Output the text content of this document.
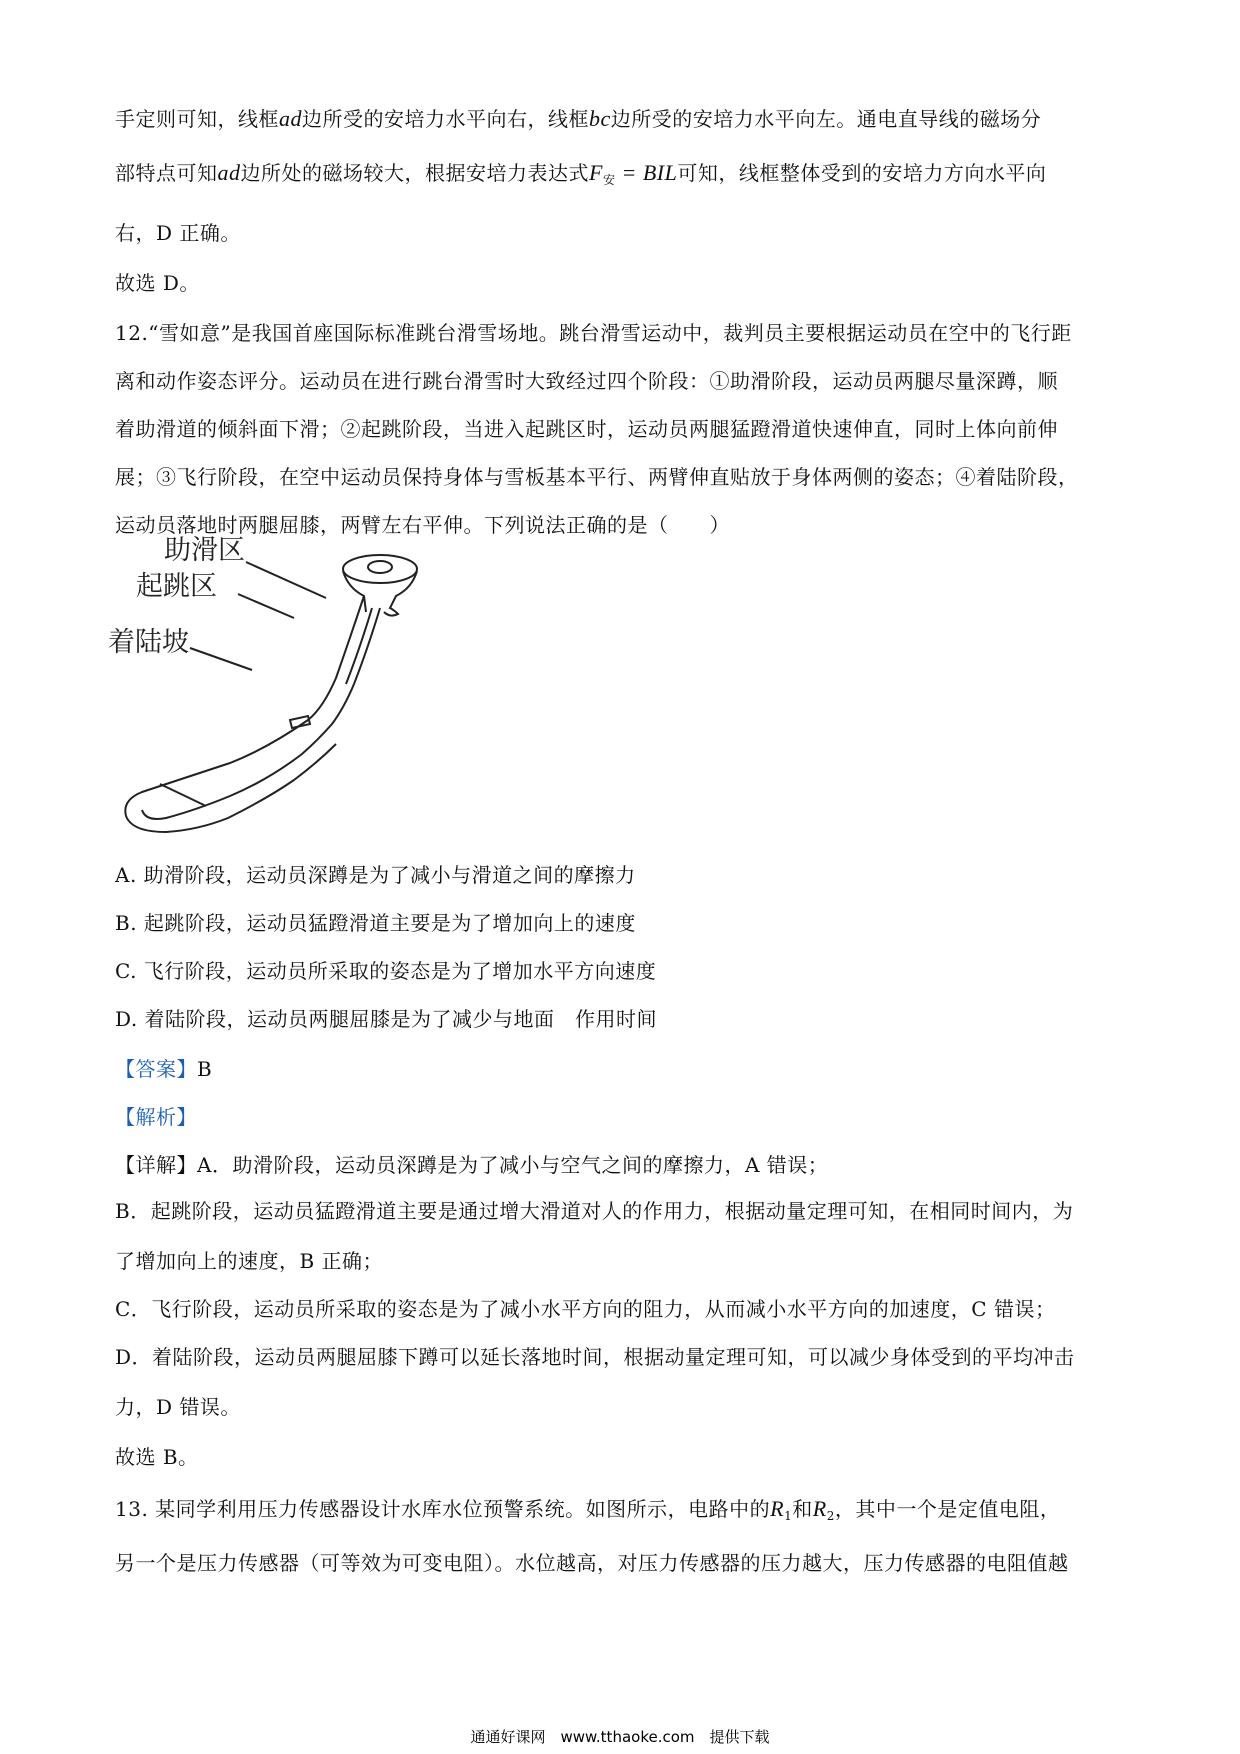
手定则可知，线框ad边所受的安培力水平向右，线框bc边所受的安培力水平向左。通电直导线的磁场分
部特点可知ad边所处的磁场较大，根据安培力表达式$F_安$ = BIL可知，线框整体受到的安培力方向水平向
右，D 正确。
故选 D。
12.“雪如意”是我国首座国际标准跳台滑雪场地。跳台滑雪运动中，裁判员主要根据运动员在空中的飞行距
离和动作姿态评分。运动员在进行跳台滑雪时大致经过四个阶段：①助滑阶段，运动员两腿尽量深蹲，顺
着助滑道的倾斜面下滑；②起跳阶段，当进入起跳区时，运动员两腿猛蹬滑道快速伸直，同时上体向前伸
展；③飞行阶段，在空中运动员保持身体与雪板基本平行、两臂伸直贴放于身体两侧的姿态；④着陆阶段，
运动员落地时两腿屈膝，两臂左右平伸。下列说法正确的是（　　）
助滑区
起跳区
着陆坡
A. 助滑阶段，运动员深蹲是为了减小与滑道之间的摩擦力
B. 起跳阶段，运动员猛蹬滑道主要是为了增加向上的速度
C. 飞行阶段，运动员所采取的姿态是为了增加水平方向速度
D. 着陆阶段，运动员两腿屈膝是为了减少与地面　作用时间
【答案】B
【解析】
【详解】A．助滑阶段，运动员深蹲是为了减小与空气之间的摩擦力，A 错误；
B．起跳阶段，运动员猛蹬滑道主要是通过增大滑道对人的作用力，根据动量定理可知，在相同时间内，为
了增加向上的速度，B 正确；
C．飞行阶段，运动员所采取的姿态是为了减小水平方向的阻力，从而减小水平方向的加速度，C 错误；
D．着陆阶段，运动员两腿屈膝下蹲可以延长落地时间，根据动量定理可知，可以减少身体受到的平均冲击
力，D 错误。
故选 B。
13. 某同学利用压力传感器设计水库水位预警系统。如图所示，电路中的$R_1$和$R_2$，其中一个是定值电阻，
另一个是压力传感器（可等效为可变电阻）。水位越高，对压力传感器的压力越大，压力传感器的电阻值越
通通好课网　www.tthaoke.com　提供下载
